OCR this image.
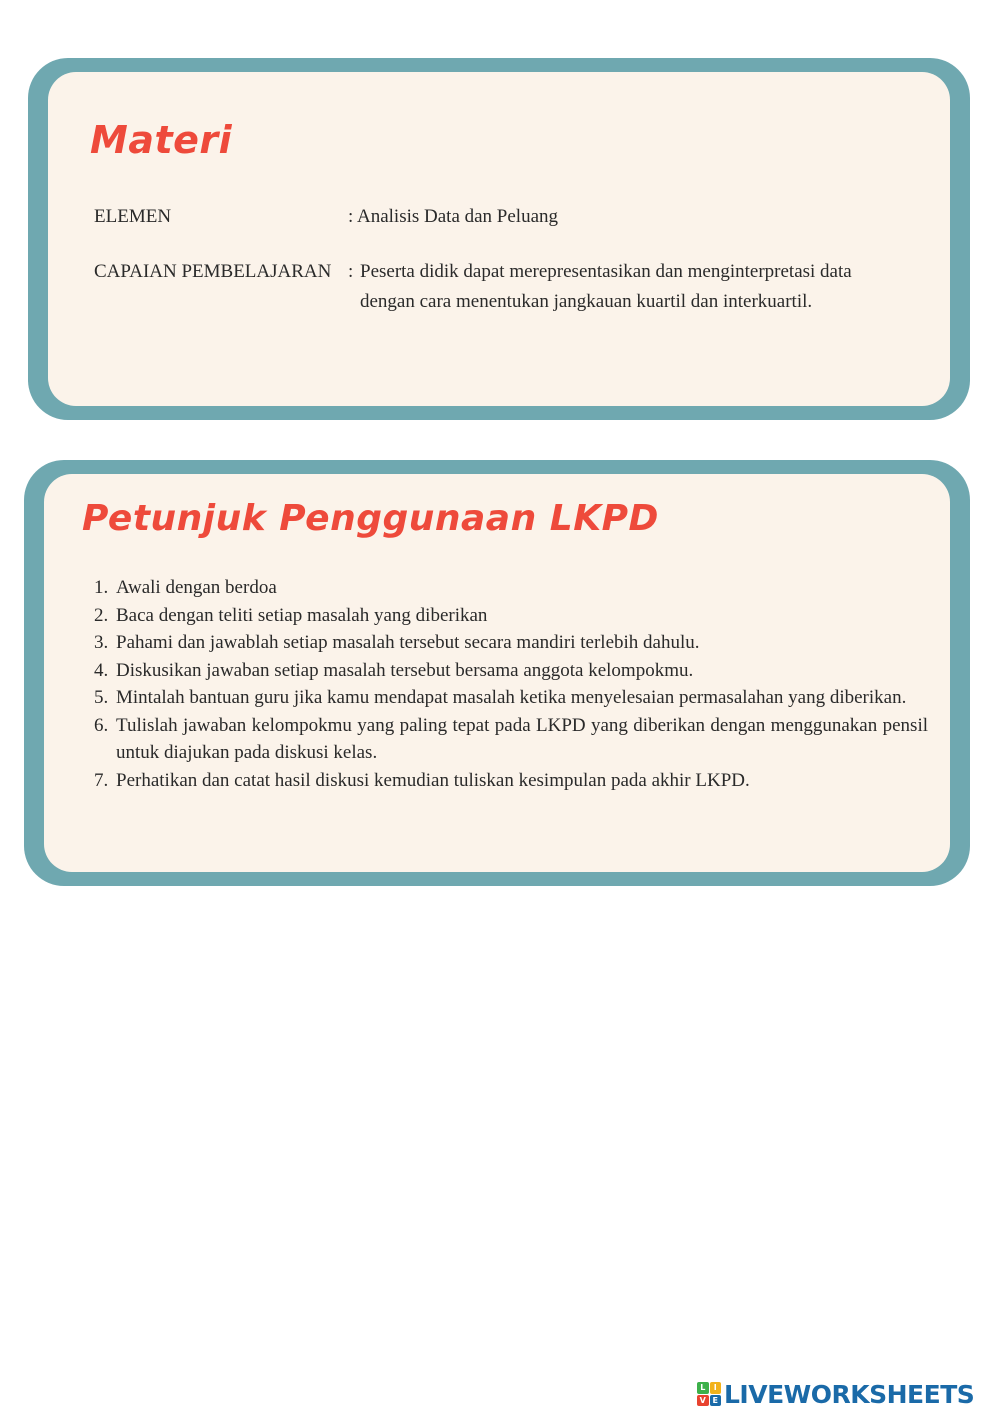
Materi
ELEMEN	: Analisis Data dan Peluang
CAPAIAN PEMBELAJARAN : Peserta didik dapat merepresentasikan dan menginterpretasi data dengan cara menentukan jangkauan kuartil dan interkuartil.
Petunjuk Penggunaan LKPD
1. Awali dengan berdoa
2. Baca dengan teliti setiap masalah yang diberikan
3. Pahami dan jawablah setiap masalah tersebut secara mandiri terlebih dahulu.
4. Diskusikan jawaban setiap masalah tersebut bersama anggota kelompokmu.
5. Mintalah bantuan guru jika kamu mendapat masalah ketika menyelesaian permasalahan yang diberikan.
6. Tulislah jawaban kelompokmu yang paling tepat pada LKPD yang diberikan dengan menggunakan pensil untuk diajukan pada diskusi kelas.
7. Perhatikan dan catat hasil diskusi kemudian tuliskan kesimpulan pada akhir LKPD.
L	I
V E LIVEWORKSHEETS
